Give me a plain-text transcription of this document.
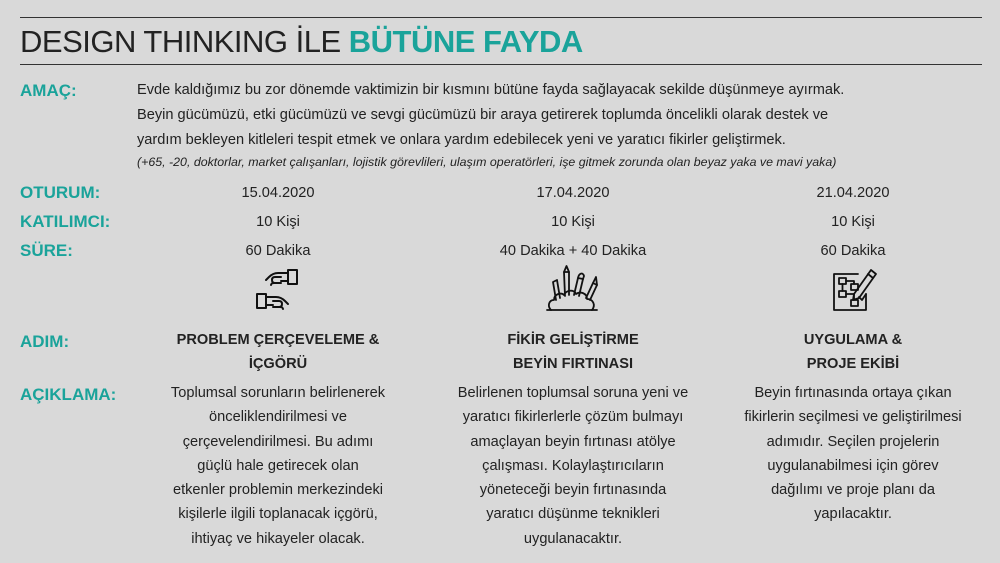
DESIGN THINKING İLE BÜTÜNE FAYDA
AMAÇ:
OTURUM:
KATILIMCI:
SÜRE:
ADIM:
AÇIKLAMA:
Evde kaldığımız bu zor dönemde vaktimizin bir kısmını bütüne fayda sağlayacak sekilde düşünmeye ayırmak.
Beyin gücümüzü, etki gücümüzü ve sevgi gücümüzü bir araya getirerek toplumda öncelikli olarak destek ve
yardım bekleyen kitleleri tespit etmek ve onlara yardım edebilecek yeni ve yaratıcı fikirler geliştirmek.
(+65, -20, doktorlar, market çalışanları, lojistik görevlileri, ulaşım operatörleri, işe gitmek zorunda olan beyaz yaka ve mavi yaka)
15.04.2020
10 Kişi
60 Dakika
PROBLEM ÇERÇEVELEME &
İÇGÖRÜ
Toplumsal sorunların belirlenerek
önceliklendirilmesi ve
çerçevelendirilmesi. Bu adımı
güçlü hale getirecek olan
etkenler problemin merkezindeki
kişilerle ilgili toplanacak içgörü,
ihtiyaç ve hikayeler olacak.
17.04.2020
10 Kişi
40 Dakika + 40 Dakika
FİKİR GELİŞTİRME
BEYİN FIRTINASI
Belirlenen toplumsal soruna yeni ve
yaratıcı fikirlerlerle çözüm bulmayı
amaçlayan beyin fırtınası atölye
çalışması. Kolaylaştırıcıların
yöneteceği beyin fırtınasında
yaratıcı düşünme teknikleri
uygulanacaktır.
21.04.2020
10 Kişi
60 Dakika
UYGULAMA &
PROJE EKİBİ
Beyin fırtınasında ortaya çıkan
fikirlerin seçilmesi ve geliştirilmesi
adımıdır. Seçilen projelerin
uygulanabilmesi için görev
dağılımı ve proje planı da
yapılacaktır.
